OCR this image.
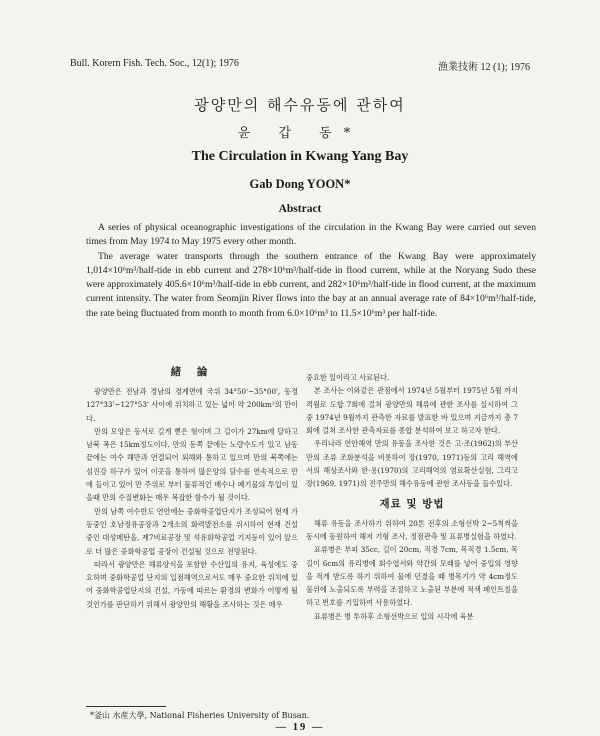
Bull. Korern Fish. Tech. Soc., 12(1); 1976	漁業技術 12 (1); 1976
광양만의 해수유동에 관하여
윤 갑 동*
The Circulation in Kwang Yang Bay
Gab Dong YOON*
Abstract

A series of physical oceanographic investigations of the circulation in the Kwang Bay were carried out seven times from May 1974 to May 1975 every other month.

The average water transports through the southern entrance of the Kwang Bay were approximately 1,014×10⁶m³/half-tide in ebb current and 278×10⁶m³/half-tide in flood current, while at the Noryang Sudo these were approximately 405.6×10⁶m³/half-tide in ebb current, and 282×10⁶m³/half-tide in flood current, at the maximum current intensity. The water from Seomjin River flows into the bay at an annual average rate of 84×10⁶m³/half-tide, the rate being fluctuated from month to month from 6.0×10⁶m³ to 11.5×10⁶m³ per half-tide.

緒 論

광양만은 전남과 경남의 경계면에 국위 34°50'~35°00', 동경 127°33'~127°53' 사이에 위치하고 있는 넓이 약 200km²의 만이다.

만의 모양은 동서로 길게 뻗은 형이며 그 길이가 27km에 달하고 남북 폭은 15km정도이다. 만의 동쪽 끝에는 노량수도가 있고 남동 끝에는 여수 해만과 연결되어 외해와 통하고 있으며 만의 북쪽에는 섬진강 하구가 있어 이곳을 통하여 많은양의 담수를 연속적으로 만에 들이고 있어 만 주위로 부터 물류적인 배수나 폐기물의 투입이 있을때 만의 수질변화는 매우 복잡한 함수가 될 것이다.

만의 남쪽 여수반도 연안에는 중화학공업단지가 조성되어 현재 가동중인 호남정유공장과 2개소의 화력발전소를 위시하여 현재 건설중인 대성메탄올, 제7비료공장 및 석유화학공업 기지등이 있어 앞으로 더 많은 중화학공업 공장이 건설될 것으로 전망된다.

따라서 광양만은 해류양식을 포함한 수산입의 유지, 육성에도 중요하며 중화학공업 단지의 입점해역으로서도 매우 중요한 위치에 있어 중화학공업단지의 건설, 가동에 따르는 환경의 변화가 어떻게 될 것인가를 판단하기 위해서 광양만의 해황을 조사하는 것은 매우

중요한 일이라고 사료된다.

본 조사는 이와같은 관점에서 1974년 5월부터 1975년 5월 까지 격월로 도합 7회에 걸쳐 광양만의 해류에 관한 조사를 실시하여 그중 1974년 9월까지 관측한 자료를 발표한 바 있으며 지금까지 총 7회에 걸쳐 조사한 관측자료를 종합 분석하여 보고 하고자 한다.

우리나라 연안해역 만의 유동을 조사한 것은 고·조(1962)의 부산만의 조류 조화분석을 비롯하여 장(1970, 1971)등의 고리 해역에서의 해상조사와 한·용(1970)의 고리해역의 염료확산실험, 그리고 장(1969, 1971)의 진주만의 해수유동에 관한 조사등을 들수있다.

재료 및 방법

해류 유동을 조사하기 위하여 20톤 전후의 소형선박 2~5척씩을 동시에 동원하여 해저 기형 조사, 정점관측 및 표류병실험을 하였다.

표류병은 부피 35cc, 길이 20cm, 직경 7cm, 목직경 1.5cm, 목길이 6cm의 유리병에 회수엽서와 약간의 모래를 넣어 중입의 영향을 적게 받도록 하기 위하여 물에 던졌을 때 병목기가 약 4cm정도 물위에 노출되도록 부력을 조절하고 노출된 부분에 적색 페인트칠을 하고 번호를 기입하여 사용하였다.

표류병은 병 투하후 소형선박으로 입의 시각에 육분

*釜山 水産大學, National Fisheries University of Busan.
— 19 —
